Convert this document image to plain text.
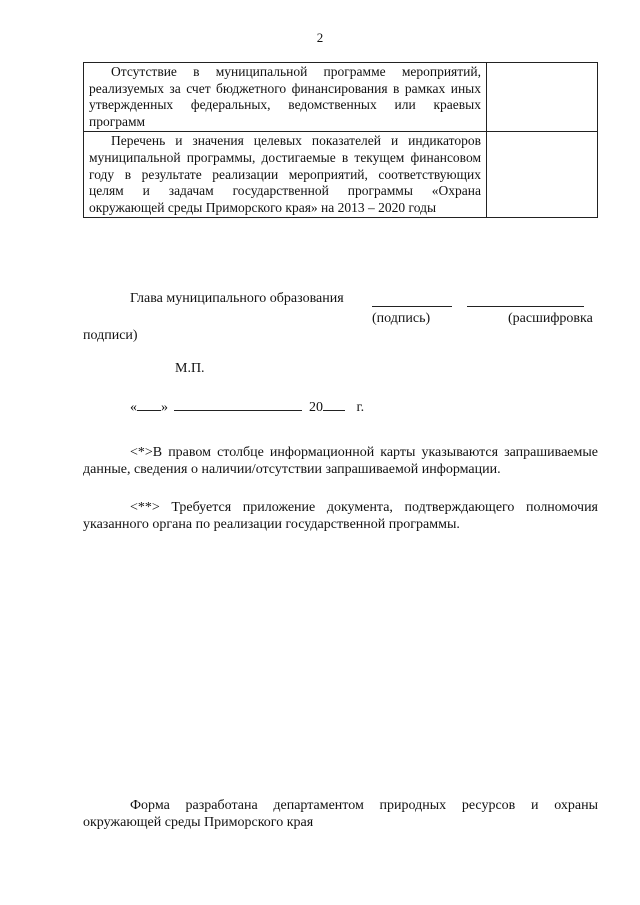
2
Отсутствие в муниципальной программе мероприятий, реализуемых за счет бюджетного финансирования в рамках иных утвержденных федеральных, ведомственных или краевых программ	

Перечень и значения целевых показателей и индикаторов муниципальной программы, достигаемые в текущем финансовом году в результате реализации мероприятий, соответствующих целям и задачам государственной программы «Охрана окружающей среды Приморского края» на 2013 – 2020 годы	

Глава муниципального образования
(подпись)	(расшифровка
подписи)
М.П.
« »	20 г.
<*>В правом столбце информационной карты указываются запрашиваемые данные, сведения о наличии/отсутствии запрашиваемой информации.
<**> Требуется приложение документа, подтверждающего полномочия указанного органа по реализации государственной программы.
Форма разработана департаментом природных ресурсов и охраны окружающей среды Приморского края
